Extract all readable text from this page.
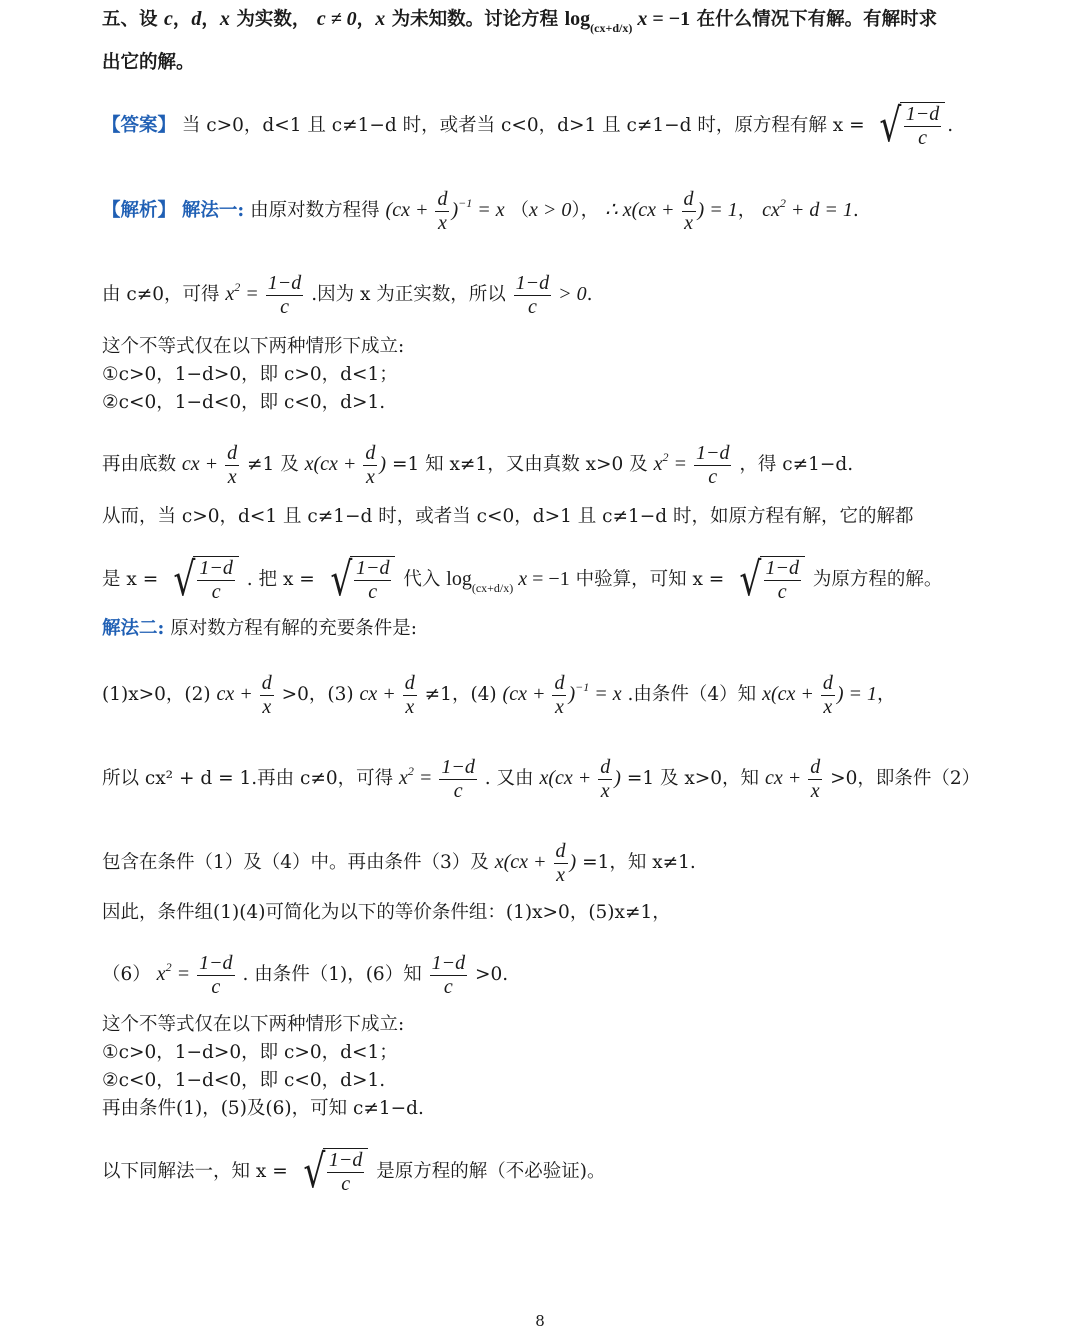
五、设 c，d，x 为实数， c ≠ 0，x 为未知数。讨论方程 $\log_{(cx+d/x)} x = -1$ 在什么情况下有解。有解时求
出它的解。
【答案】 当 c>0，d<1 且 c≠1−d 时，或者当 c<0，d>1 且 c≠1−d 时，原方程有解 x = √ $\frac{1-d}{c}$ .
【解析】 解法一: 由原对数方程得 $(cx + \frac{d}{x} )^{-1} = x$ （x > 0）， ∴ $x(cx + \frac{d}{x}$ ) = 1， $cx^2 + d = 1$.
由 c≠0，可得 $x^2 = \frac{1-d}{c}$ .因为 x 为正实数，所以 $\frac{1-d}{c} > 0$.
这个不等式仅在以下两种情形下成立:
①c>0，1−d>0，即 c>0，d<1；
②c<0，1−d<0，即 c<0，d>1.
再由底数 cx + $\frac{d}{x} \ne 1$ 及 $x(cx + \frac{d}{x}$ ) =1 知 x≠1，又由真数 x>0 及 $x^2 = \frac{1-d}{c}$ ，得 c≠1−d.
从而，当 c>0，d<1 且 c≠1−d 时，或者当 c<0，d>1 且 c≠1−d 时，如原方程有解，它的解都
是 x = √ $\frac{1-d}{c}$ . 把 x = √ $\frac{1-d}{c}$ 代入 $\log_{(cx+d/x)} x = -1$ 中验算，可知 x = √ $\frac{1-d}{c}$ 为原方程的解。
解法二: 原对数方程有解的充要条件是:
(1)x>0，(2) cx + $\frac{d}{x} >0$，(3) cx + $\frac{d}{x} \ne 1$，(4) $(cx + \frac{d}{x} )^{-1} = x$ .由条件（4）知 $x(cx + \frac{d}{x}$ ) = 1，
所以 cx² + d = 1.再由 c≠0，可得 $x^2 = \frac{1-d}{c}$ . 又由 $x(cx + \frac{d}{x}$ ) =1 及 x>0，知 cx + $\frac{d}{x} >0$，即条件（2）
包含在条件（1）及（4）中。再由条件（3）及 $x(cx + \frac{d}{x}$ ) =1，知 x≠1.
因此，条件组(1)(4)可简化为以下的等价条件组：(1)x>0，(5)x≠1，
（6） $x^2 = \frac{1-d}{c}$ . 由条件（1)，(6）知 $\frac{1-d}{c} >0$.
这个不等式仅在以下两种情形下成立:
①c>0，1−d>0，即 c>0，d<1；
②c<0，1−d<0，即 c<0，d>1.
再由条件(1)，(5)及(6)，可知 c≠1−d.
以下同解法一，知 x = √ $\frac{1-d}{c}$ 是原方程的解（不必验证)。
8
